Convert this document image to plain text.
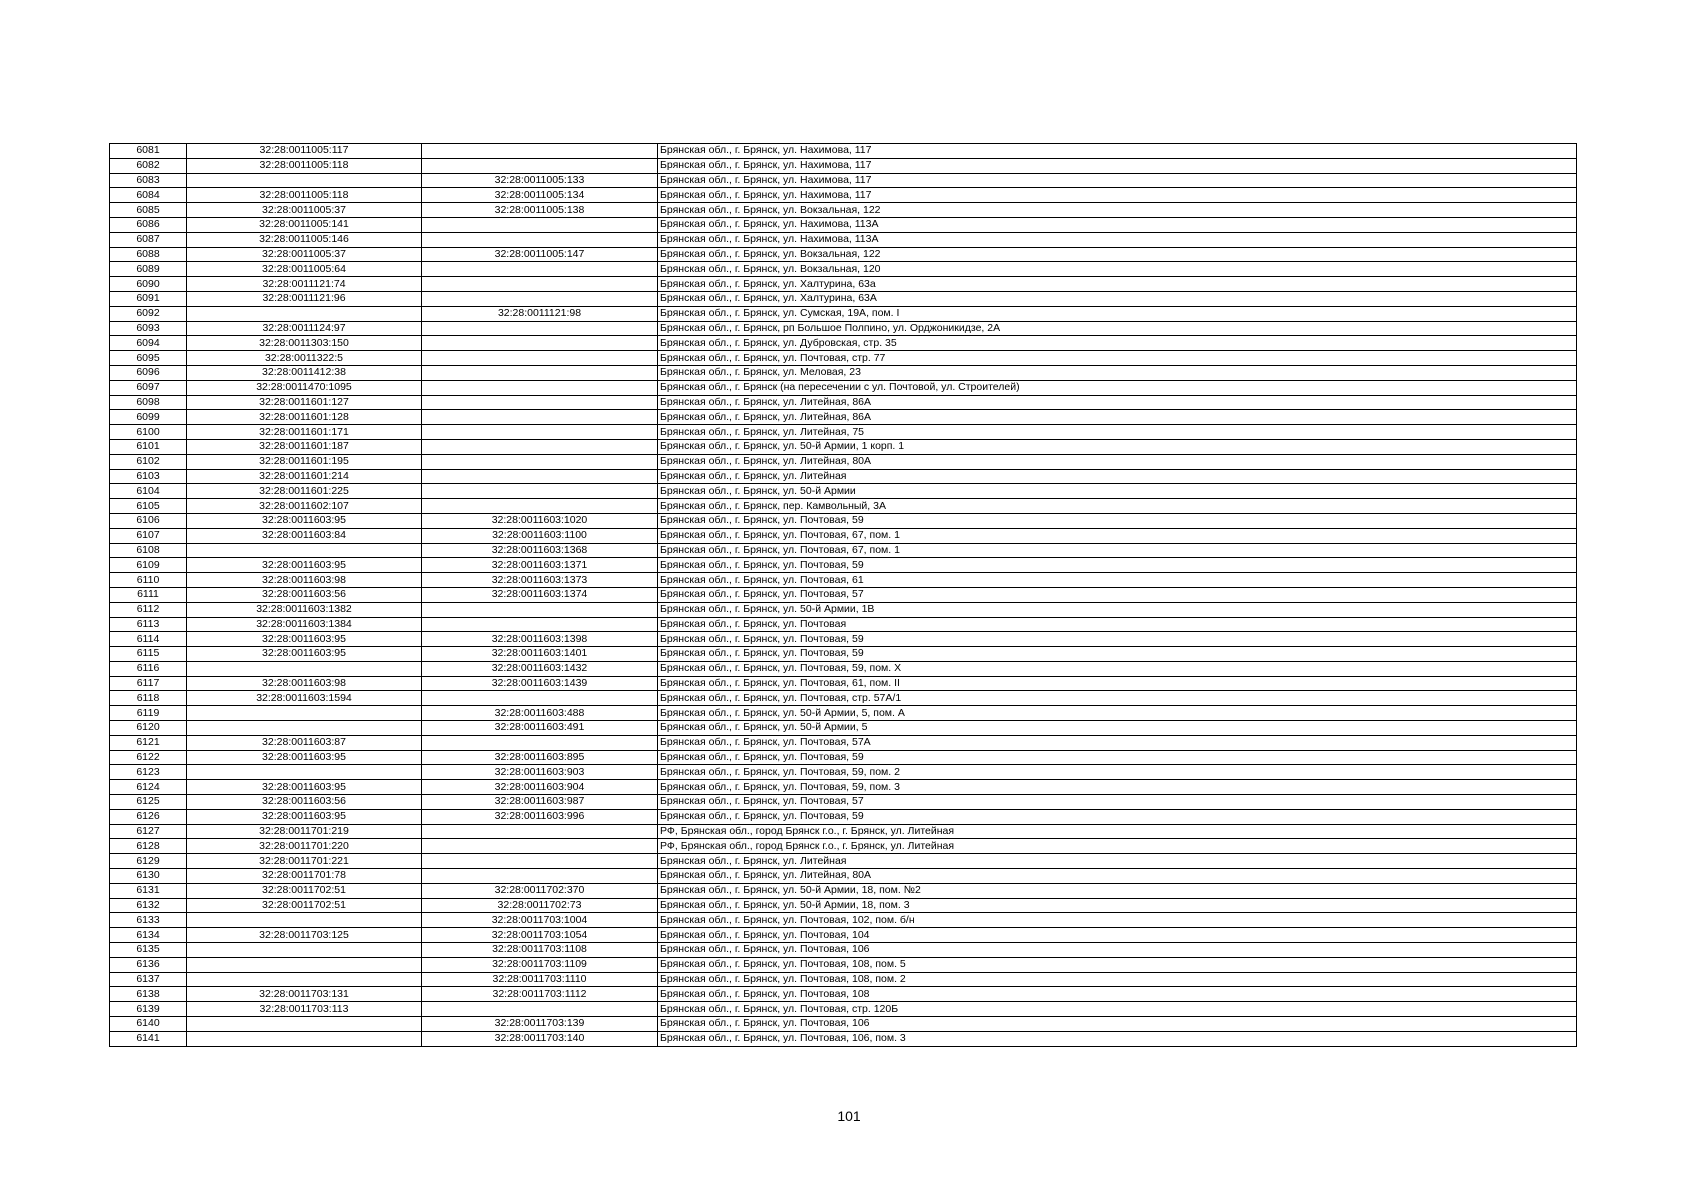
6081	32:28:0011005:117		Брянская обл., г. Брянск, ул. Нахимова, 117
6082	32:28:0011005:118		Брянская обл., г. Брянск, ул. Нахимова, 117
6083		32:28:0011005:133	Брянская обл., г. Брянск, ул. Нахимова, 117
6084	32:28:0011005:118	32:28:0011005:134	Брянская обл., г. Брянск, ул. Нахимова, 117
6085	32:28:0011005:37	32:28:0011005:138	Брянская обл., г. Брянск, ул. Вокзальная, 122
6086	32:28:0011005:141		Брянская обл., г. Брянск, ул. Нахимова, 113А
6087	32:28:0011005:146		Брянская обл., г. Брянск, ул. Нахимова, 113А
6088	32:28:0011005:37	32:28:0011005:147	Брянская обл., г. Брянск, ул. Вокзальная, 122
6089	32:28:0011005:64		Брянская обл., г. Брянск, ул. Вокзальная, 120
6090	32:28:0011121:74		Брянская обл., г. Брянск, ул. Халтурина, 63а
6091	32:28:0011121:96		Брянская обл., г. Брянск, ул. Халтурина, 63А
6092		32:28:0011121:98	Брянская обл., г. Брянск, ул. Сумская, 19А, пом. I
6093	32:28:0011124:97		Брянская обл., г. Брянск, рп Большое Полпино, ул. Орджоникидзе, 2А
6094	32:28:0011303:150		Брянская обл., г. Брянск, ул. Дубровская, стр. 35
6095	32:28:0011322:5		Брянская обл., г. Брянск, ул. Почтовая, стр. 77
6096	32:28:0011412:38		Брянская обл., г. Брянск, ул. Меловая, 23
6097	32:28:0011470:1095		Брянская обл., г. Брянск (на пересечении с ул. Почтовой, ул. Строителей)
6098	32:28:0011601:127		Брянская обл., г. Брянск, ул. Литейная, 86А
6099	32:28:0011601:128		Брянская обл., г. Брянск, ул. Литейная, 86А
6100	32:28:0011601:171		Брянская обл., г. Брянск, ул. Литейная, 75
6101	32:28:0011601:187		Брянская обл., г. Брянск, ул. 50-й Армии, 1 корп. 1
6102	32:28:0011601:195		Брянская обл., г. Брянск, ул. Литейная, 80А
6103	32:28:0011601:214		Брянская обл., г. Брянск, ул. Литейная
6104	32:28:0011601:225		Брянская обл., г. Брянск, ул. 50-й Армии
6105	32:28:0011602:107		Брянская обл., г. Брянск, пер. Камвольный, 3А
6106	32:28:0011603:95	32:28:0011603:1020	Брянская обл., г. Брянск, ул. Почтовая, 59
6107	32:28:0011603:84	32:28:0011603:1100	Брянская обл., г. Брянск, ул. Почтовая, 67, пом. 1
6108		32:28:0011603:1368	Брянская обл., г. Брянск, ул. Почтовая, 67, пом. 1
6109	32:28:0011603:95	32:28:0011603:1371	Брянская обл., г. Брянск, ул. Почтовая, 59
6110	32:28:0011603:98	32:28:0011603:1373	Брянская обл., г. Брянск, ул. Почтовая, 61
6111	32:28:0011603:56	32:28:0011603:1374	Брянская обл., г. Брянск, ул. Почтовая, 57
6112	32:28:0011603:1382		Брянская обл., г. Брянск, ул. 50-й Армии, 1В
6113	32:28:0011603:1384		Брянская обл., г. Брянск, ул. Почтовая
6114	32:28:0011603:95	32:28:0011603:1398	Брянская обл., г. Брянск, ул. Почтовая, 59
6115	32:28:0011603:95	32:28:0011603:1401	Брянская обл., г. Брянск, ул. Почтовая, 59
6116		32:28:0011603:1432	Брянская обл., г. Брянск, ул. Почтовая, 59, пом. X
6117	32:28:0011603:98	32:28:0011603:1439	Брянская обл., г. Брянск, ул. Почтовая, 61, пом. II
6118	32:28:0011603:1594		Брянская обл., г. Брянск, ул. Почтовая, стр. 57А/1
6119		32:28:0011603:488	Брянская обл., г. Брянск, ул. 50-й Армии, 5, пом. А
6120		32:28:0011603:491	Брянская обл., г. Брянск, ул. 50-й Армии, 5
6121	32:28:0011603:87		Брянская обл., г. Брянск, ул. Почтовая, 57А
6122	32:28:0011603:95	32:28:0011603:895	Брянская обл., г. Брянск, ул. Почтовая, 59
6123		32:28:0011603:903	Брянская обл., г. Брянск, ул. Почтовая, 59, пом. 2
6124	32:28:0011603:95	32:28:0011603:904	Брянская обл., г. Брянск, ул. Почтовая, 59, пом. 3
6125	32:28:0011603:56	32:28:0011603:987	Брянская обл., г. Брянск, ул. Почтовая, 57
6126	32:28:0011603:95	32:28:0011603:996	Брянская обл., г. Брянск, ул. Почтовая, 59
6127	32:28:0011701:219		РФ, Брянская обл., город Брянск г.о., г. Брянск, ул. Литейная
6128	32:28:0011701:220		РФ, Брянская обл., город Брянск г.о., г. Брянск, ул. Литейная
6129	32:28:0011701:221		Брянская обл., г. Брянск, ул. Литейная
6130	32:28:0011701:78		Брянская обл., г. Брянск, ул. Литейная, 80А
6131	32:28:0011702:51	32:28:0011702:370	Брянская обл., г. Брянск, ул. 50-й Армии, 18, пом. №2
6132	32:28:0011702:51	32:28:0011702:73	Брянская обл., г. Брянск, ул. 50-й Армии, 18, пом. 3
6133		32:28:0011703:1004	Брянская обл., г. Брянск, ул. Почтовая, 102, пом. б/н
6134	32:28:0011703:125	32:28:0011703:1054	Брянская обл., г. Брянск, ул. Почтовая, 104
6135		32:28:0011703:1108	Брянская обл., г. Брянск, ул. Почтовая, 106
6136		32:28:0011703:1109	Брянская обл., г. Брянск, ул. Почтовая, 108, пом. 5
6137		32:28:0011703:1110	Брянская обл., г. Брянск, ул. Почтовая, 108, пом. 2
6138	32:28:0011703:131	32:28:0011703:1112	Брянская обл., г. Брянск, ул. Почтовая, 108
6139	32:28:0011703:113		Брянская обл., г. Брянск, ул. Почтовая, стр. 120Б
6140		32:28:0011703:139	Брянская обл., г. Брянск, ул. Почтовая, 106
6141		32:28:0011703:140	Брянская обл., г. Брянск, ул. Почтовая, 106, пом. 3
101
